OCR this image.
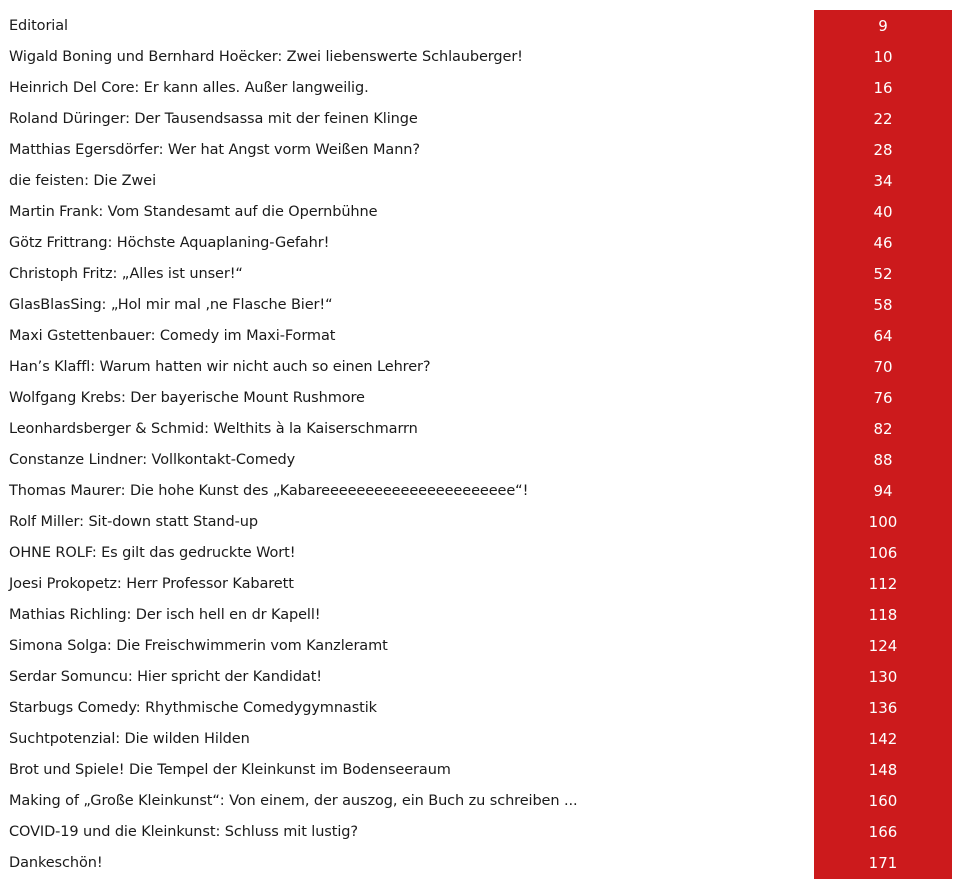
Editorial	9
Wigald Boning und Bernhard Hoëcker: Zwei liebenswerte Schlauberger!	10
Heinrich Del Core: Er kann alles. Außer langweilig.	16
Roland Düringer: Der Tausendsassa mit der feinen Klinge	22
Matthias Egersdörfer: Wer hat Angst vorm Weißen Mann?	28
die feisten: Die Zwei	34
Martin Frank: Vom Standesamt auf die Opernbühne	40
Götz Frittrang: Höchste Aquaplaning-Gefahr!	46
Christoph Fritz: „Alles ist unser!“	52
GlasBlasSing: „Hol mir mal ‚ne Flasche Bier!“	58
Maxi Gstettenbauer: Comedy im Maxi-Format	64
Han’s Klaffl: Warum hatten wir nicht auch so einen Lehrer?	70
Wolfgang Krebs: Der bayerische Mount Rushmore	76
Leonhardsberger & Schmid: Welthits à la Kaiserschmarrn	82
Constanze Lindner: Vollkontakt-Comedy	88
Thomas Maurer: Die hohe Kunst des „Kabareeeeeeeeeeeeeeeeeeeeee“!	94
Rolf Miller: Sit-down statt Stand-up	100
OHNE ROLF: Es gilt das gedruckte Wort!	106
Joesi Prokopetz: Herr Professor Kabarett	112
Mathias Richling: Der isch hell en dr Kapell!	118
Simona Solga: Die Freischwimmerin vom Kanzleramt	124
Serdar Somuncu: Hier spricht der Kandidat!	130
Starbugs Comedy: Rhythmische Comedygymnastik	136
Suchtpotenzial: Die wilden Hilden	142
Brot und Spiele! Die Tempel der Kleinkunst im Bodenseeraum	148
Making of „Große Kleinkunst“: Von einem, der auszog, ein Buch zu schreiben ...	160
COVID-19 und die Kleinkunst: Schluss mit lustig?	166
Dankeschön!	171
